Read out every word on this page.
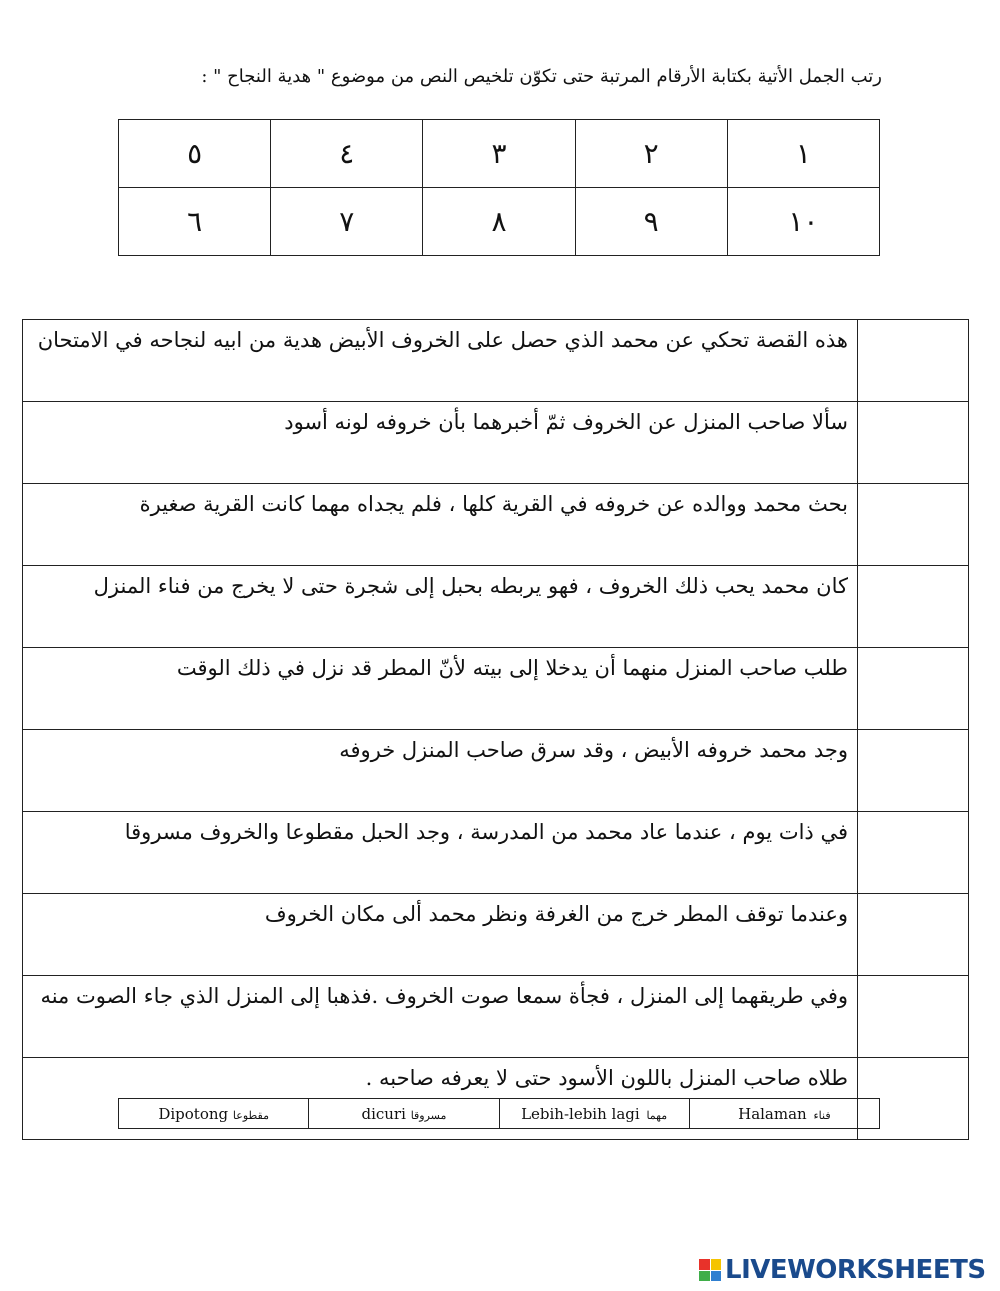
رتب الجمل الأتية بكتابة الأرقام المرتبة حتى تكوّن تلخيص النص من موضوع " هدية النجاح " :
١	٢	٣	٤	٥
١٠	٩	٨	٧	٦
هذه القصة تحكي عن محمد الذي حصل على الخروف الأبيض هدية من ابيه لنجاحه في الامتحان	
سألا صاحب المنزل عن الخروف ثمّ أخبرهما بأن خروفه لونه أسود	
بحث محمد ووالده عن خروفه في القرية كلها ، فلم يجداه مهما كانت القرية صغيرة	
كان محمد يحب ذلك الخروف ، فهو يربطه بحبل إلى شجرة حتى لا يخرج من فناء المنزل	
طلب صاحب المنزل منهما أن يدخلا إلى بيته لأنّ المطر قد نزل في ذلك الوقت	
وجد محمد خروفه الأبيض ، وقد سرق صاحب المنزل خروفه	
في ذات يوم ، عندما عاد محمد من المدرسة ، وجد الحبل مقطوعا والخروف مسروقا	
وعندما توقف المطر خرج من الغرفة ونظر محمد ألى مكان الخروف	
وفي طريقهما إلى المنزل ، فجأة سمعا صوت الخروف .فذهبا إلى المنزل الذي جاء الصوت منه	
طلاه صاحب المنزل باللون الأسود حتى لا يعرفه صاحبه .	
فناء Halaman	مهما Lebih-lebih lagi	مسروقا dicuri	مقطوعا Dipotong
LIVEWORKSHEETS
